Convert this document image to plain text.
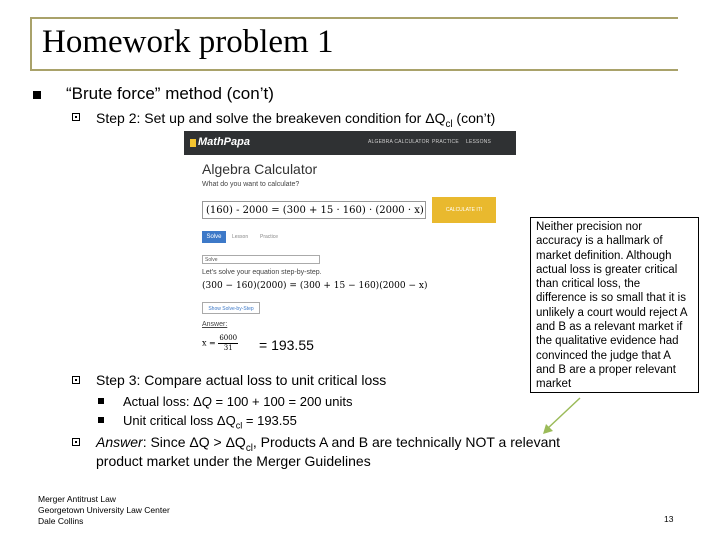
Homework problem 1
“Brute force” method (con’t)
Step 2: Set up and solve the breakeven condition for $\Delta Q_{cl}$ (con’t)
MathPapa	ALGEBRA CALCULATOR PRACTICE LESSONS
Algebra Calculator
What do you want to calculate?
(160) - 2000 = (300 + 15 · 160) · (2000 · x)	CALCULATE IT!
Solve	Lesson Practice
Solve
Let's solve your equation step-by-step.
(300 − 160)(2000) = (300 + 15 − 160)(2000 − x)
Show Solve-by-Step
Answer:
$x = \frac{6000}{31} = 193.55$
Step 3: Compare actual loss to unit critical loss
Actual loss: ΔQ = 100 + 100 = 200 units
Unit critical loss $\Delta Q_{cl} = 193.55$
Answer: Since $\Delta Q > \Delta Q_{cl}$, Products A and B are technically NOT a relevant
product market under the Merger Guidelines
Neither precision nor
accuracy is a hallmark of
market definition. Although
actual loss is greater critical
than critical loss, the
difference is so small that it is
unlikely a court would reject A
and B as a relevant market if
the qualitative evidence had
convinced the judge that A
and B are a proper relevant
market
Merger Antitrust Law
Georgetown University Law Center
Dale Collins	13
